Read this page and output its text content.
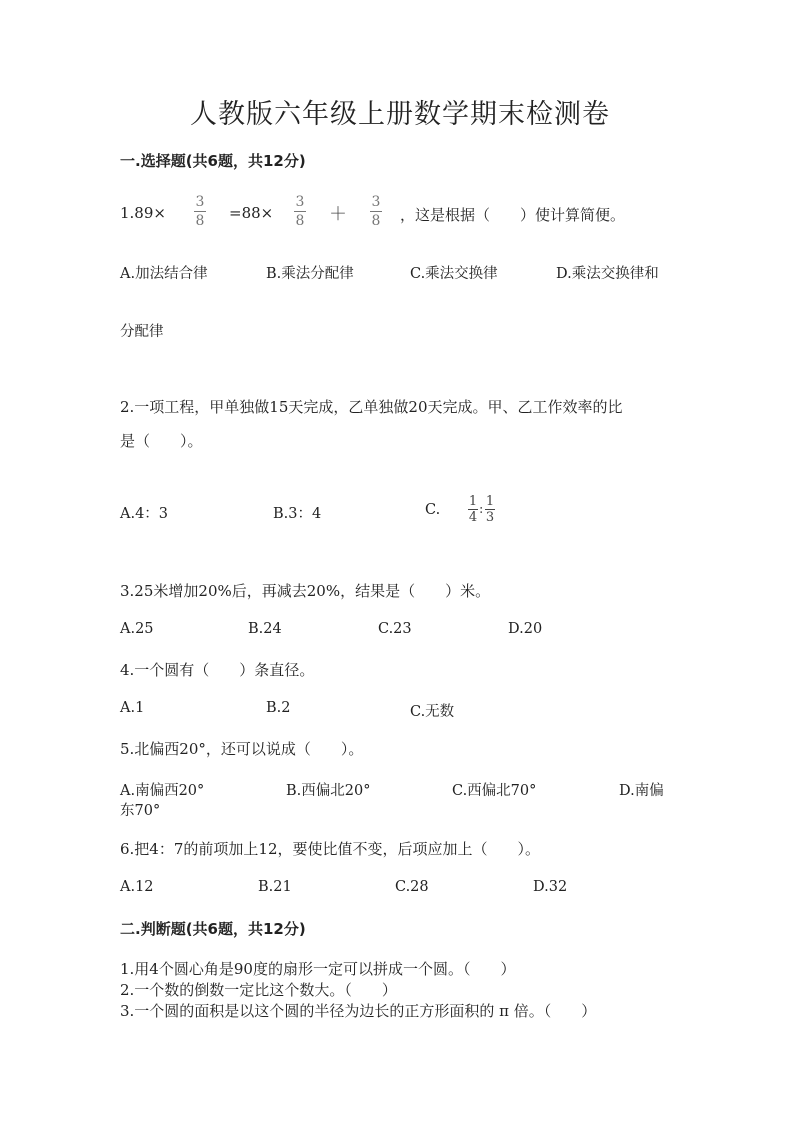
人教版六年级上册数学期末检测卷
一.选择题(共6题，共12分)
1.89×
3
8 =88×
3
8 ＋
3
8 ，这是根据（　　）使计算简便。
A.加法结合律	B.乘法分配律	C.乘法交换律	D.乘法交换律和
分配律
2.一项工程，甲单独做15天完成，乙单独做20天完成。甲、乙工作效率的比
是（　　）。
A.4：3	B.3：4	C.
1
4
:
1
3
3.25米增加20%后，再减去20%，结果是（　　）米。
A.25	B.24	C.23	D.20
4.一个圆有（　　）条直径。
A.1	B.2	C.无数
5.北偏西20°，还可以说成（　　）。
A.南偏西20°	B.西偏北20°	C.西偏北70°	D.南偏
东70°
6.把4：7的前项加上12，要使比值不变，后项应加上（　　）。
A.12	B.21	C.28	D.32
二.判断题(共6题，共12分)
1.用4个圆心角是90度的扇形一定可以拼成一个圆。（　　）
2.一个数的倒数一定比这个数大。（　　）
3.一个圆的面积是以这个圆的半径为边长的正方形面积的 π 倍。（　　）
